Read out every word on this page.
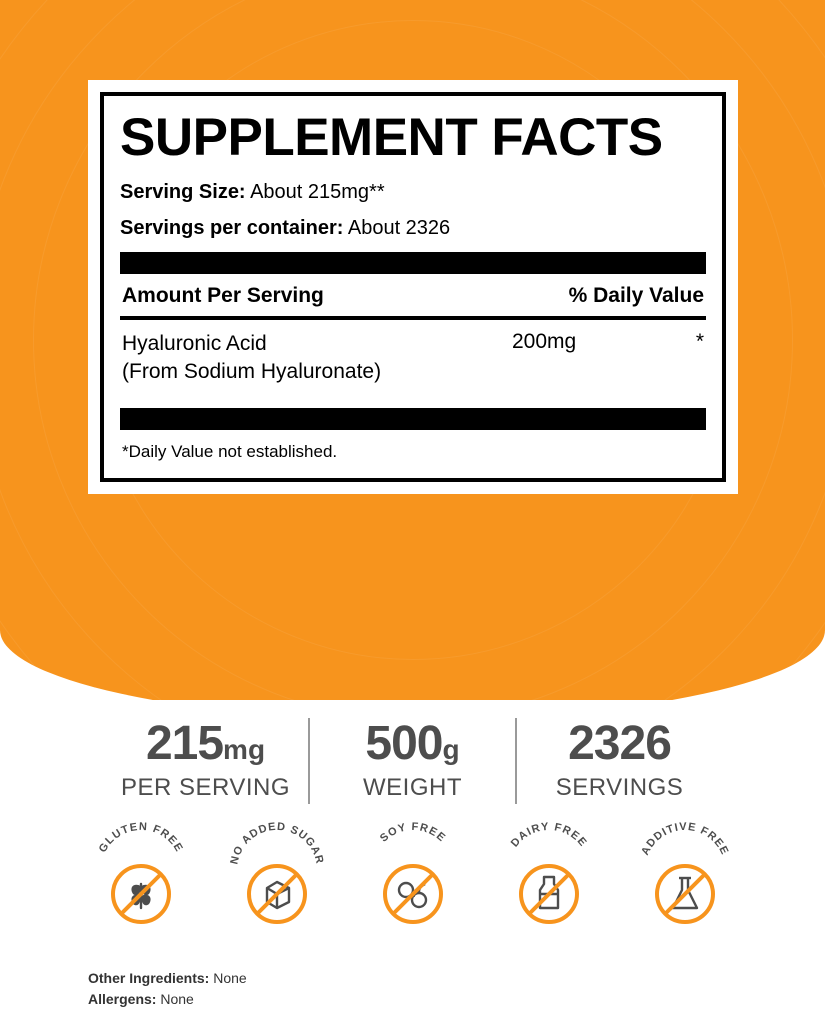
SUPPLEMENT FACTS
Serving Size: About 215mg**
Servings per container: About 2326
Amount Per Serving	% Daily Value
Hyaluronic Acid
(From Sodium Hyaluronate)
200mg	*
*Daily Value not established.
215mg
PER SERVING
500g
WEIGHT
2326
SERVINGS
GLUTEN FREE
NO ADDED SUGAR
SOY FREE	DAIRY FREE
ADDITIVE FREE
Other Ingredients: None
Allergens: None
